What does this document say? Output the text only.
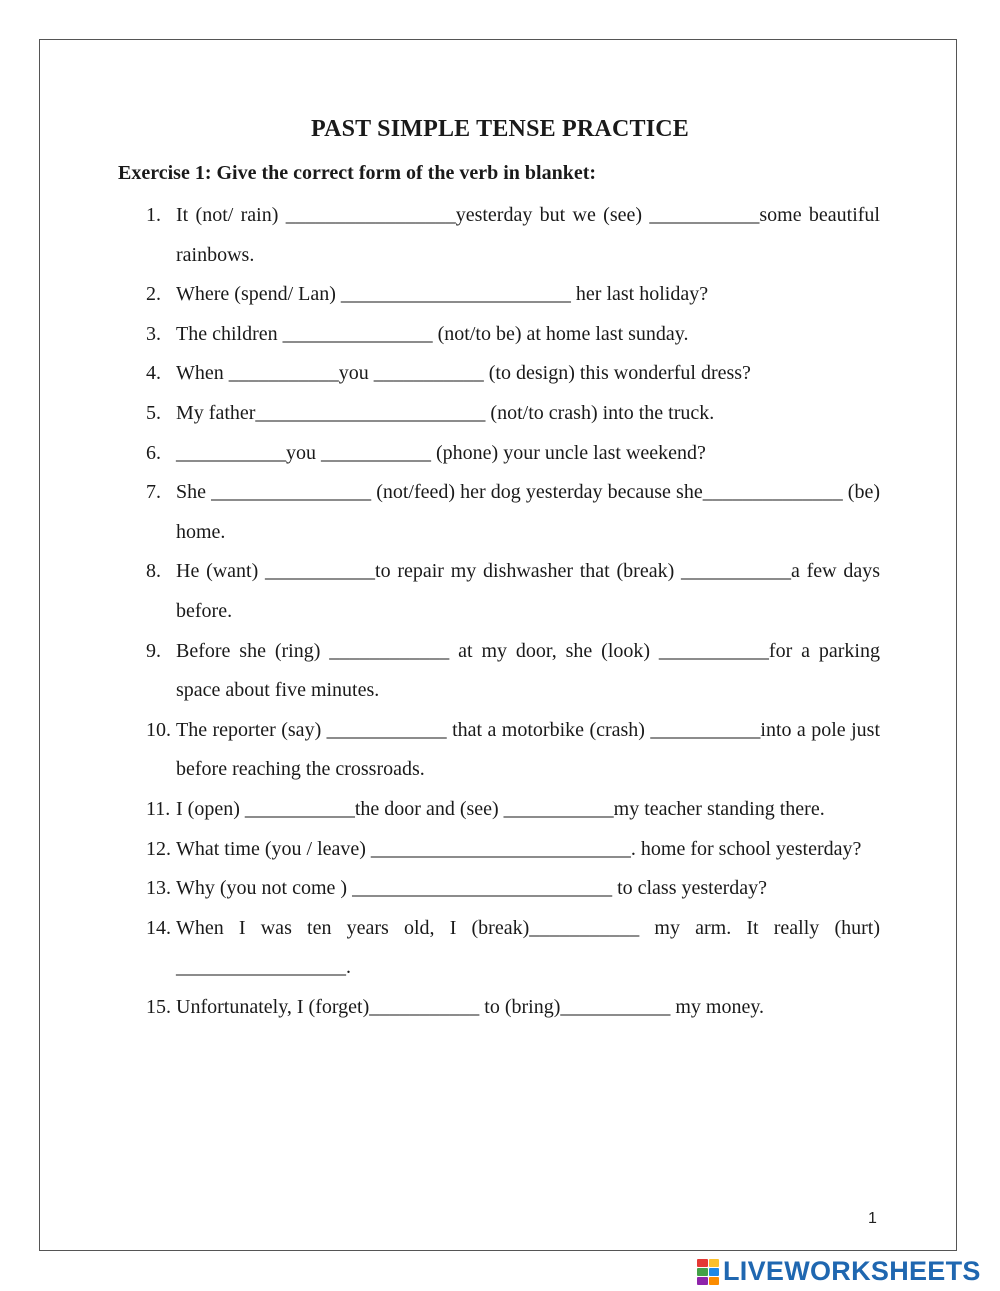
PAST SIMPLE TENSE PRACTICE
Exercise 1: Give the correct form of the verb in blanket:
1. It (not/ rain) _________________yesterday but we (see) ___________some beautiful rainbows.
2. Where (spend/ Lan) _______________________ her last holiday?
3. The children _______________ (not/to be) at home last sunday.
4. When ___________you ___________ (to design) this wonderful dress?
5. My father_______________________ (not/to crash) into the truck.
6. ___________you ___________ (phone) your uncle last weekend?
7. She ________________ (not/feed) her dog yesterday because she______________ (be) home.
8. He (want) ___________to repair my dishwasher that (break) ___________a few days before.
9. Before she (ring) ____________ at my door, she (look) ___________for a parking space about five minutes.
10. The reporter (say) ____________ that a motorbike (crash) ___________into a pole just before reaching the crossroads.
11. I (open) ___________the door and (see) ___________my teacher standing there.
12. What time (you / leave) __________________________. home for school yesterday?
13. Why (you not come ) __________________________ to class yesterday?
14. When I was ten years old, I (break)___________ my arm. It really (hurt) _________________.
15. Unfortunately, I (forget)___________ to (bring)___________ my money.
1
LIVEWORKSHEETS
